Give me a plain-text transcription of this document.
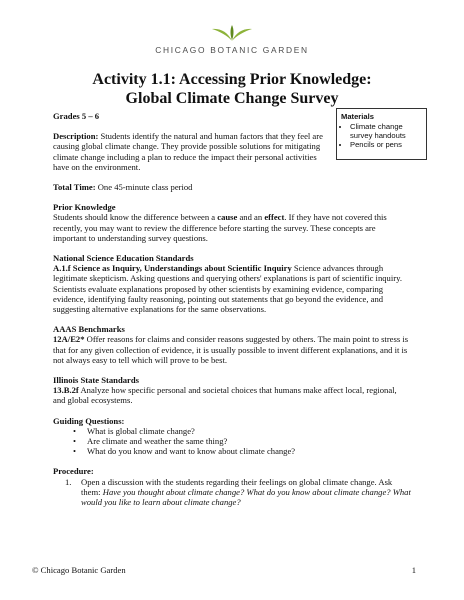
CHICAGO BOTANIC GARDEN
Activity 1.1: Accessing Prior Knowledge:
Global Climate Change Survey
Materials
• Climate change survey handouts
• Pencils or pens

Grades 5 – 6

Description: Students identify the natural and human factors that they feel are causing global climate change. They provide possible solutions for mitigating climate change including a plan to reduce the impact their personal activities have on the environment.

Total Time: One 45-minute class period

Prior Knowledge

Students should know the difference between a cause and an effect. If they have not covered this recently, you may want to review the difference before starting the survey. These concepts are important to understanding survey questions.

National Science Education Standards

A.1.f Science as Inquiry, Understandings about Scientific Inquiry Science advances through legitimate skepticism. Asking questions and querying others' explanations is part of scientific inquiry. Scientists evaluate explanations proposed by other scientists by examining evidence, comparing evidence, identifying faulty reasoning, pointing out statements that go beyond the evidence, and suggesting alternative explanations for the same observations.

AAAS Benchmarks

12A/E2* Offer reasons for claims and consider reasons suggested by others. The main point to stress is that for any given collection of evidence, it is usually possible to invent different explanations, and it is not always easy to tell which will prove to be best.

Illinois State Standards

13.B.2f Analyze how specific personal and societal choices that humans make affect local, regional, and global ecosystems.

Guiding Questions:

• What is global climate change?
• Are climate and weather the same thing?
• What do you know and want to know about climate change?

Procedure:

1. Open a discussion with the students regarding their feelings on global climate change. Ask them: Have you thought about climate change? What do you know about climate change? What would you like to learn about climate change?
© Chicago Botanic Garden	1
